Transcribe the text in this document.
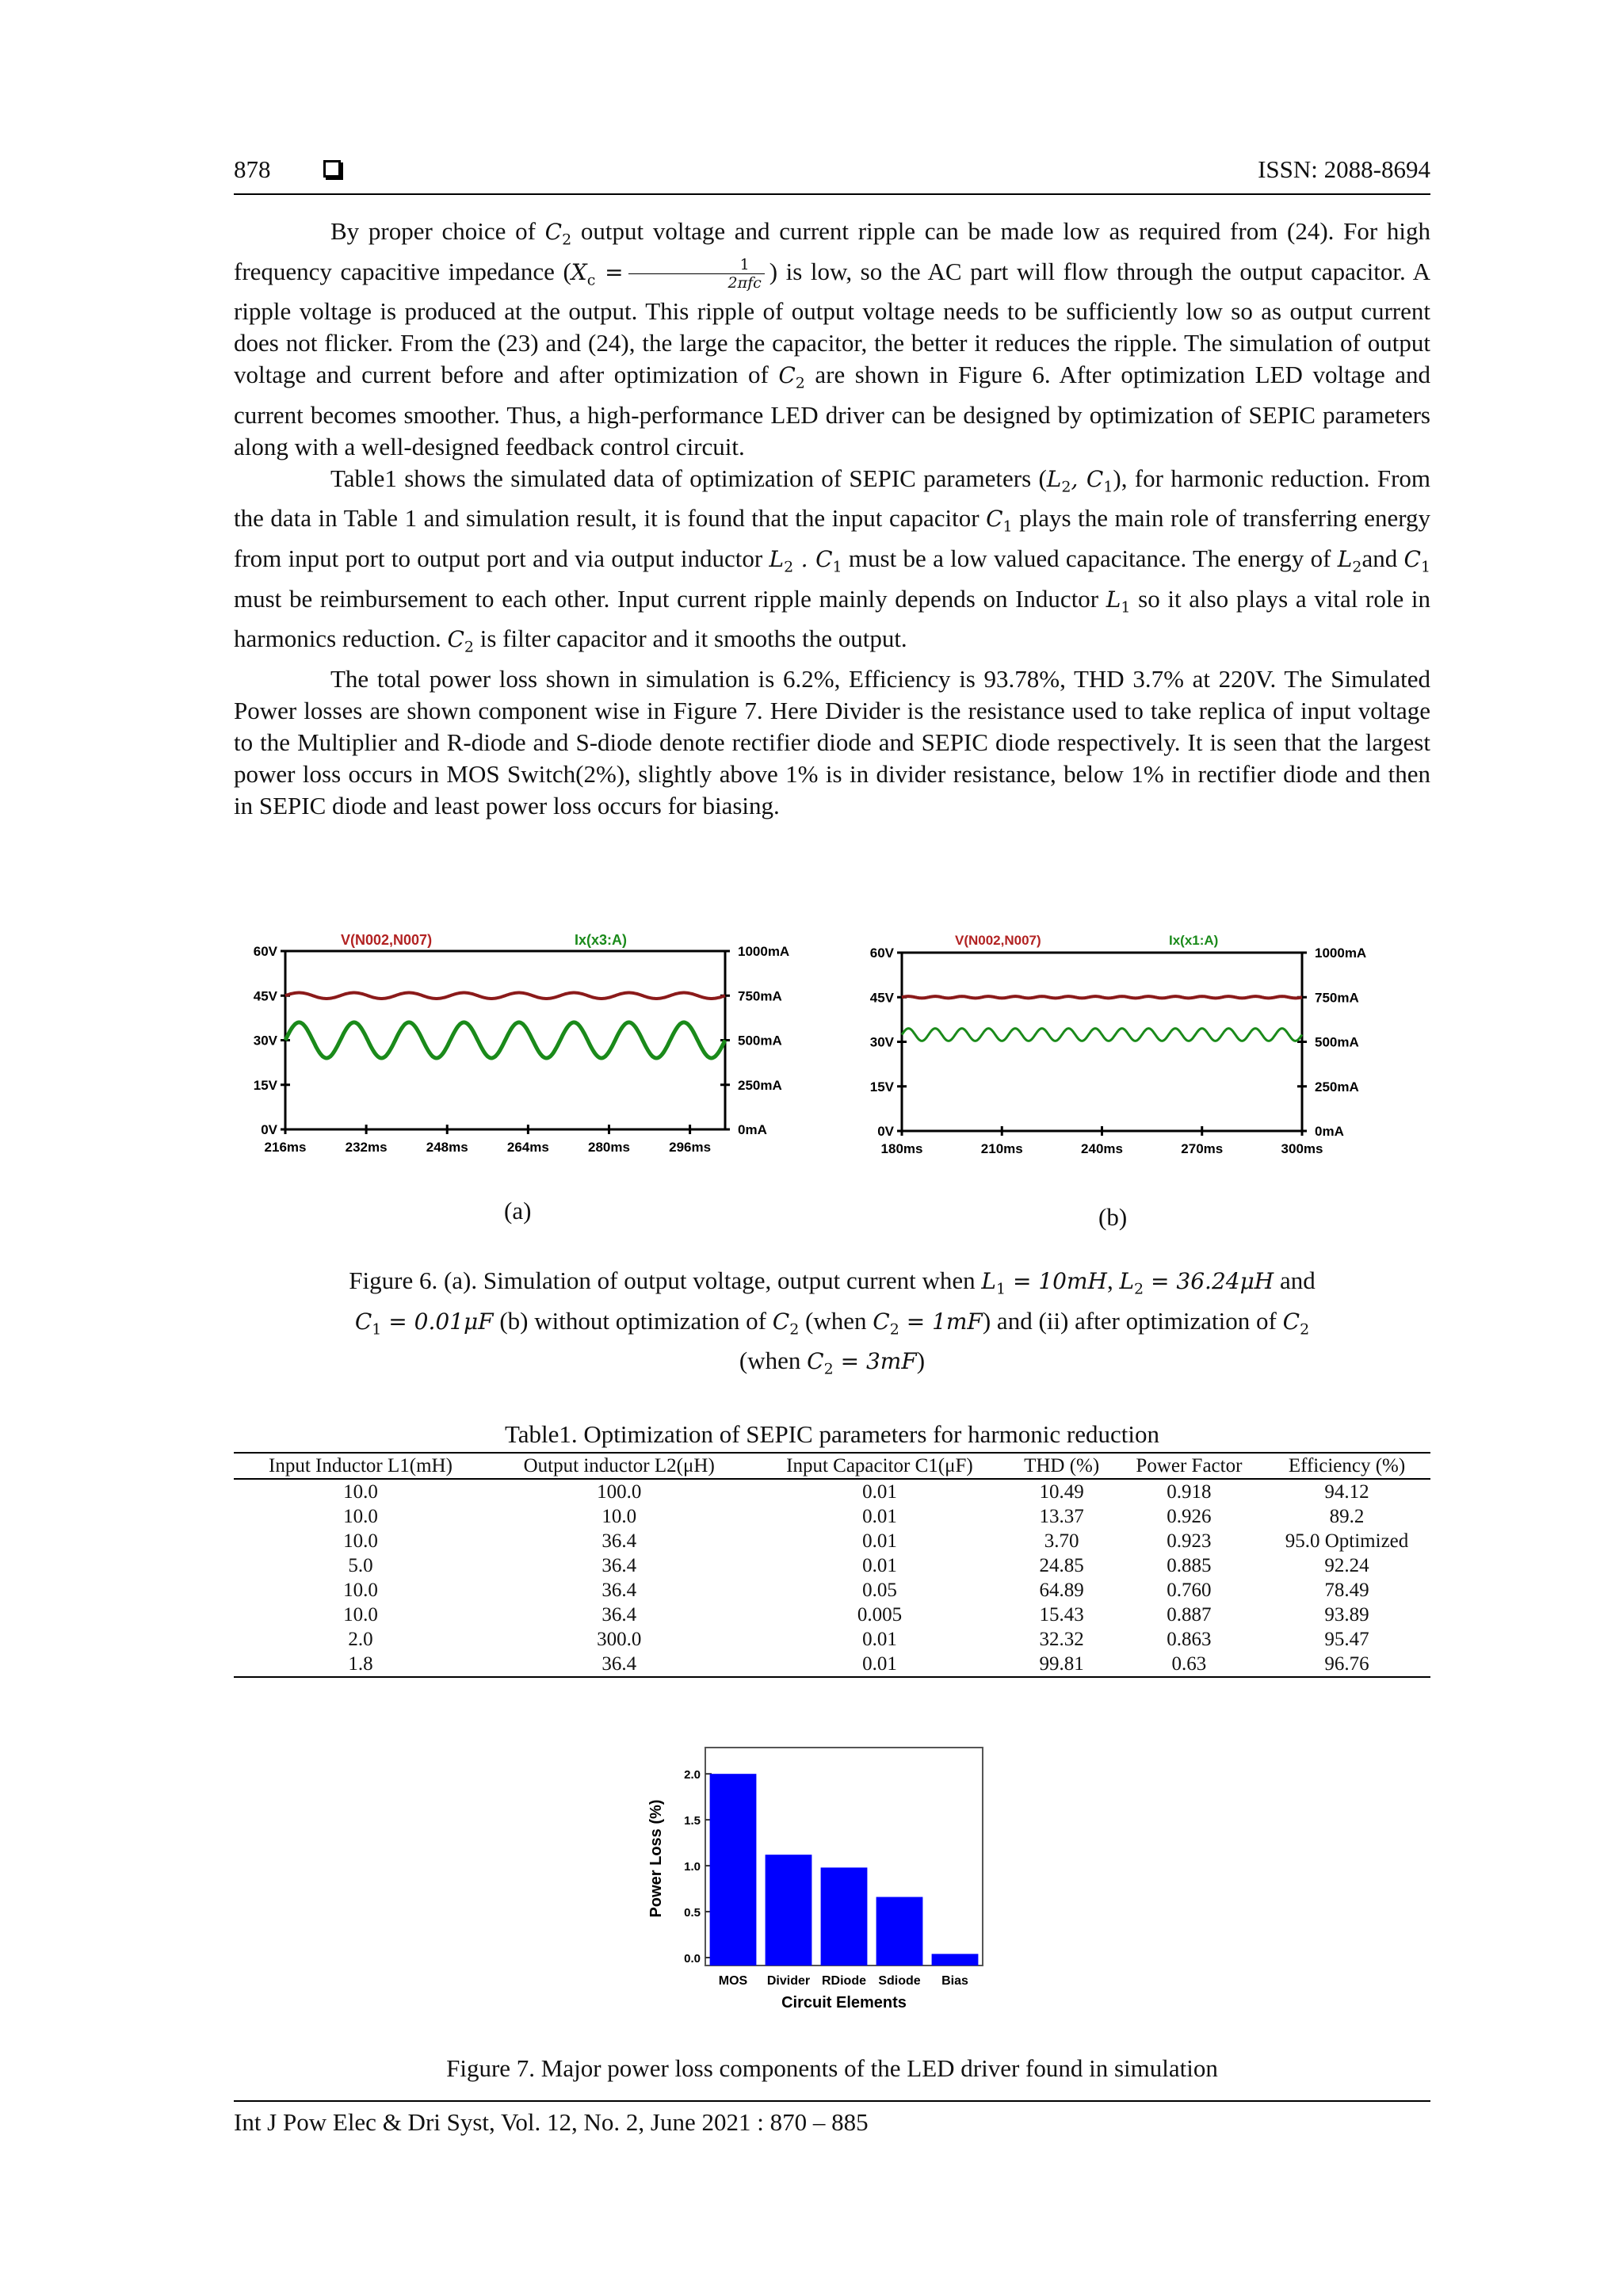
878	ISSN: 2088-8694

By proper choice of $C_2$ output voltage and current ripple can be made low as required from (24). For high frequency capacitive impedance ($X_c = \frac{1}{\text{2πfc}}$ ) is low, so the AC part will flow through the output capacitor. A ripple voltage is produced at the output. This ripple of output voltage needs to be sufficiently low so as output current does not flicker. From the (23) and (24), the large the capacitor, the better it reduces the ripple. The simulation of output voltage and current before and after optimization of $C_2$ are shown in Figure 6. After optimization LED voltage and current becomes smoother. Thus, a high-performance LED driver can be designed by optimization of SEPIC parameters along with a well-designed feedback control circuit.

Table1 shows the simulated data of optimization of SEPIC parameters ($L_2$, $C_1$), for harmonic reduction. From the data in Table 1 and simulation result, it is found that the input capacitor $C_1$ plays the main role of transferring energy from input port to output port and via output inductor $L_2$ . $C_1$ must be a low valued capacitance. The energy of $L_2and$ $C_1$ must be reimbursement to each other. Input current ripple mainly depends on Inductor $L_1$ so it also plays a vital role in harmonics reduction. $C_2$ is filter capacitor and it smooths the output.

The total power loss shown in simulation is 6.2%, Efficiency is 93.78%, THD 3.7% at 220V. The Simulated Power losses are shown component wise in Figure 7. Here Divider is the resistance used to take replica of input voltage to the Multiplier and R-diode and S-diode denote rectifier diode and SEPIC diode respectively. It is seen that the largest power loss occurs in MOS Switch(2%), slightly above 1% is in divider resistance, below 1% in rectifier diode and then in SEPIC diode and least power loss occurs for biasing.

V(N002,N007)	Ix(x3:A)
60V
45V
30V
15V
0V
1000mA
750mA
500mA
250mA
0mA
216ms	232ms	248ms	264ms	280ms	296ms
(a)
V(N002,N007)	Ix(x1:A)
60V
45V
30V
15V
0V
1000mA
750mA
500mA
250mA
0mA
180ms	210ms	240ms	270ms	300ms
(b)
Figure 6. (a). Simulation of output voltage, output current when $L_1 = 10mH$, $L_2 = 36.24\mu H$ and
$C_1 = 0.01\mu F$ (b) without optimization of $C_2$ (when $C_2 = 1mF$) and (ii) after optimization of $C_2$
(when $C_2 = 3mF$)
Table1. Optimization of SEPIC parameters for harmonic reduction
Input Inductor L1(mH)	Output inductor L2(μH)	Input Capacitor C1(μF)	THD (%)	Power Factor	Efficiency (%)
10.0	100.0	0.01	10.49	0.918	94.12
10.0	10.0	0.01	13.37	0.926	89.2
10.0	36.4	0.01	3.70	0.923	95.0 Optimized
5.0	36.4	0.01	24.85	0.885	92.24
10.0	36.4	0.05	64.89	0.760	78.49
10.0	36.4	0.005	15.43	0.887	93.89
2.0	300.0	0.01	32.32	0.863	95.47
1.8	36.4	0.01	99.81	0.63	96.76
0.0
0.5
1.0
1.5
2.0
MOS Divider RDiode Sdiode Bias
Power Loss (%)
Circuit Elements
Figure 7. Major power loss components of the LED driver found in simulation
Int J Pow Elec & Dri Syst, Vol. 12, No. 2, June 2021 : 870 – 885
